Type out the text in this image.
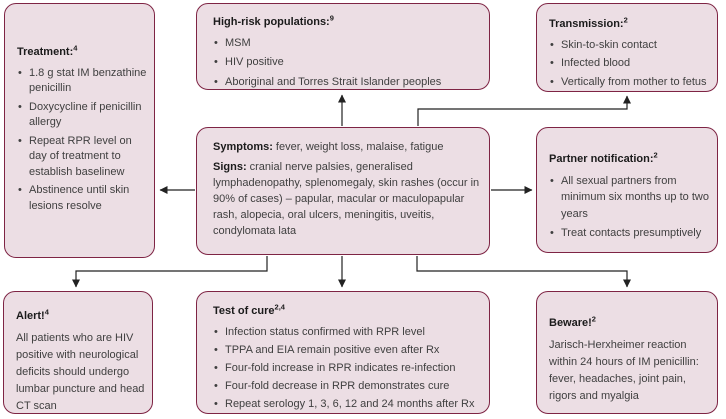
Treatment:$^4$
• 1.8 g stat IM benzathine penicillin
• Doxycycline if penicillin allergy
• Repeat RPR level on day of treatment to establish baselinew
• Abstinence until skin lesions resolve
High-risk populations:$^9$
• MSM
• HIV positive
• Aboriginal and Torres Strait Islander peoples
Transmission:$^2$
• Skin-to-skin contact
• Infected blood
• Vertically from mother to fetus

Symptoms: fever, weight loss, malaise, fatigue

Signs: cranial nerve palsies, generalised lymphadenopathy, splenomegaly, skin rashes (occur in 90% of cases) – papular, macular or maculopapular rash, alopecia, oral ulcers, meningitis, uveitis, condylomata lata

Partner notification:$^2$
• All sexual partners from minimum six months up to two years
• Treat contacts presumptively
Alert!$^4$

All patients who are HIV positive with neurological deficits should undergo lumbar puncture and head CT scan

Test of cure$^{2,4}$
• Infection status confirmed with RPR level
• TPPA and EIA remain positive even after Rx
• Four-fold increase in RPR indicates re-infection
• Four-fold decrease in RPR demonstrates cure
• Repeat serology 1, 3, 6, 12 and 24 months after Rx
Beware!$^2$

Jarisch-Herxheimer reaction within 24 hours of IM penicillin: fever, headaches, joint pain, rigors and myalgia
